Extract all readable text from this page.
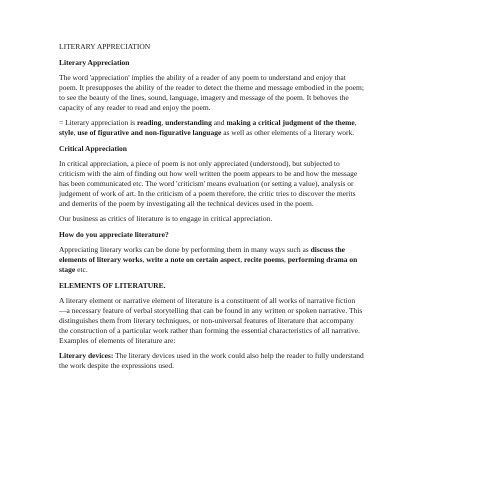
LITERARY APPRECIATION

Literary Appreciation

The word 'appreciation' implies the ability of a reader of any poem to understand and enjoy that poem. It presupposes the ability of the reader to detect the theme and message embodied in the poem; to see the beauty of the lines, sound, language, imagery and message of the poem. It behoves the capacity of any reader to read and enjoy the poem.

= Literary appreciation is reading, understanding and making a critical judgment of the theme, style, use of figurative and non-figurative language as well as other elements of a literary work.

Critical Appreciation

In critical appreciation, a piece of poem is not only appreciated (understood), but subjected to criticism with the aim of finding out how well written the poem appears to be and how the message has been communicated etc. The word 'criticism' means evaluation (or setting a value), analysis or judgement of work of art. In the criticism of a poem therefore, the critic tries to discover the merits and demerits of the poem by investigating all the technical devices used in the poem.

Our business as critics of literature is to engage in critical appreciation.

How do you appreciate literature?

Appreciating literary works can be done by performing them in many ways such as discuss the elements of literary works, write a note on certain aspect, recite poems, performing drama on stage etc.

ELEMENTS OF LITERATURE.

A literary element or narrative element of literature is a constituent of all works of narrative fiction —a necessary feature of verbal storytelling that can be found in any written or spoken narrative. This distinguishes them from literary techniques, or non-universal features of literature that accompany the construction of a particular work rather than forming the essential characteristics of all narrative. Examples of elements of literature are:

Literary devices: The literary devices used in the work could also help the reader to fully understand the work despite the expressions used.
